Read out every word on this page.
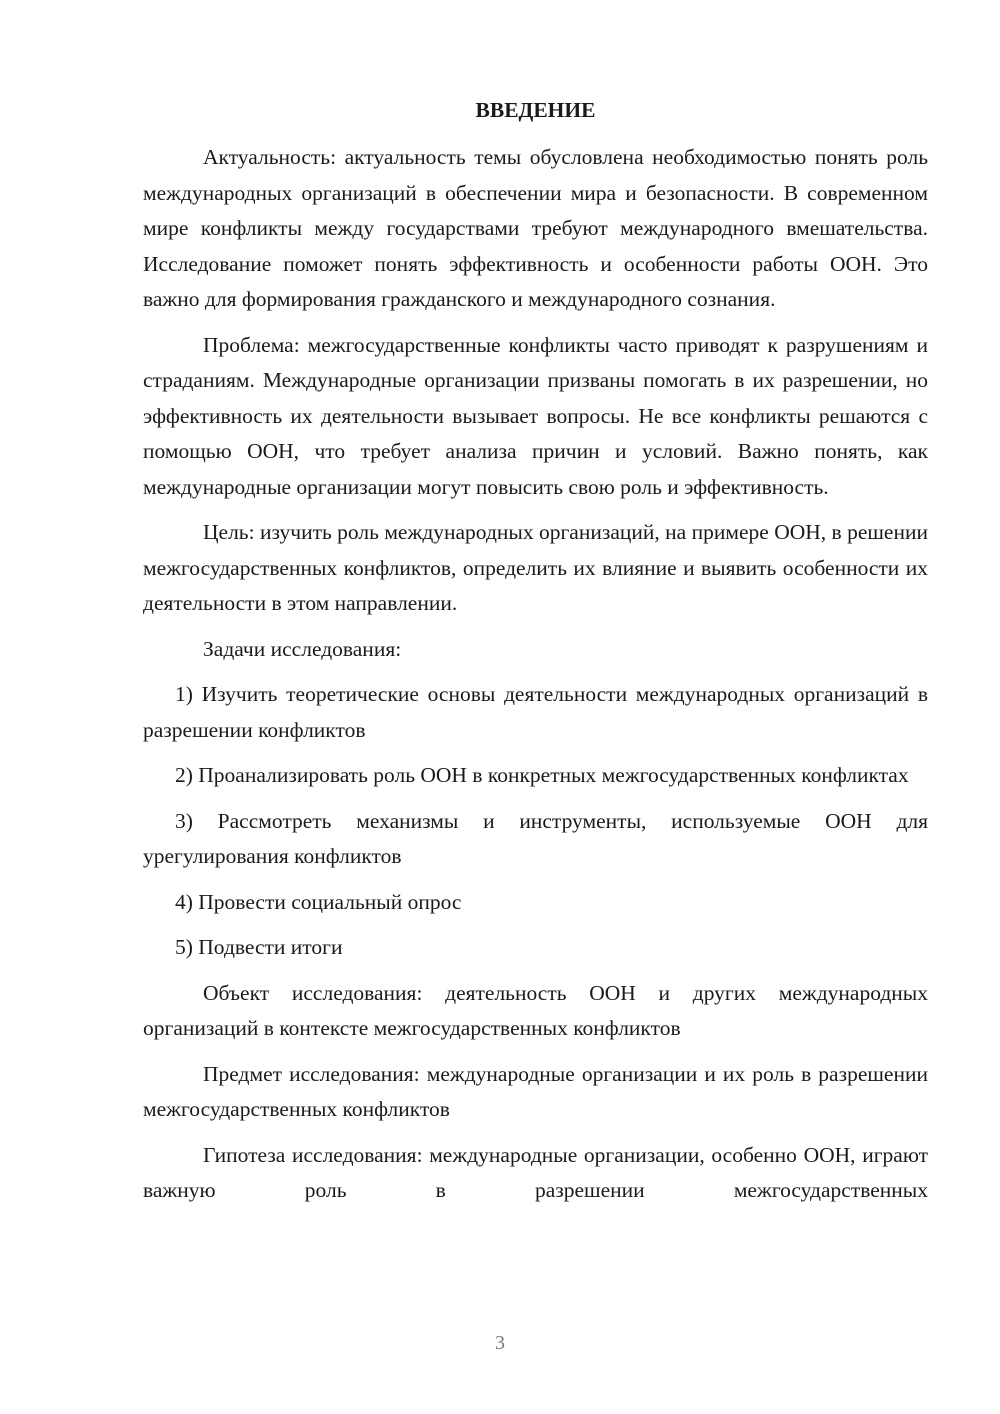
ВВЕДЕНИЕ

Актуальность: актуальность темы обусловлена необходимостью понять роль международных организаций в обеспечении мира и безопасности. В современном мире конфликты между государствами требуют международного вмешательства. Исследование поможет понять эффективность и особенности работы ООН. Это важно для формирования гражданского и международного сознания.

Проблема: межгосударственные конфликты часто приводят к разрушениям и страданиям. Международные организации призваны помогать в их разрешении, но эффективность их деятельности вызывает вопросы. Не все конфликты решаются с помощью ООН, что требует анализа причин и условий. Важно понять, как международные организации могут повысить свою роль и эффективность.

Цель: изучить роль международных организаций, на примере ООН, в решении межгосударственных конфликтов, определить их влияние и выявить особенности их деятельности в этом направлении.

Задачи исследования:

1) Изучить теоретические основы деятельности международных организаций в разрешении конфликтов

2) Проанализировать роль ООН в конкретных межгосударственных конфликтах

3) Рассмотреть механизмы и инструменты, используемые ООН для урегулирования конфликтов

4) Провести социальный опрос

5) Подвести итоги

Объект исследования: деятельность ООН и других международных организаций в контексте межгосударственных конфликтов

Предмет исследования: международные организации и их роль в разрешении межгосударственных конфликтов

Гипотеза исследования: международные организации, особенно ООН, играют важную роль в разрешении межгосударственных

3
